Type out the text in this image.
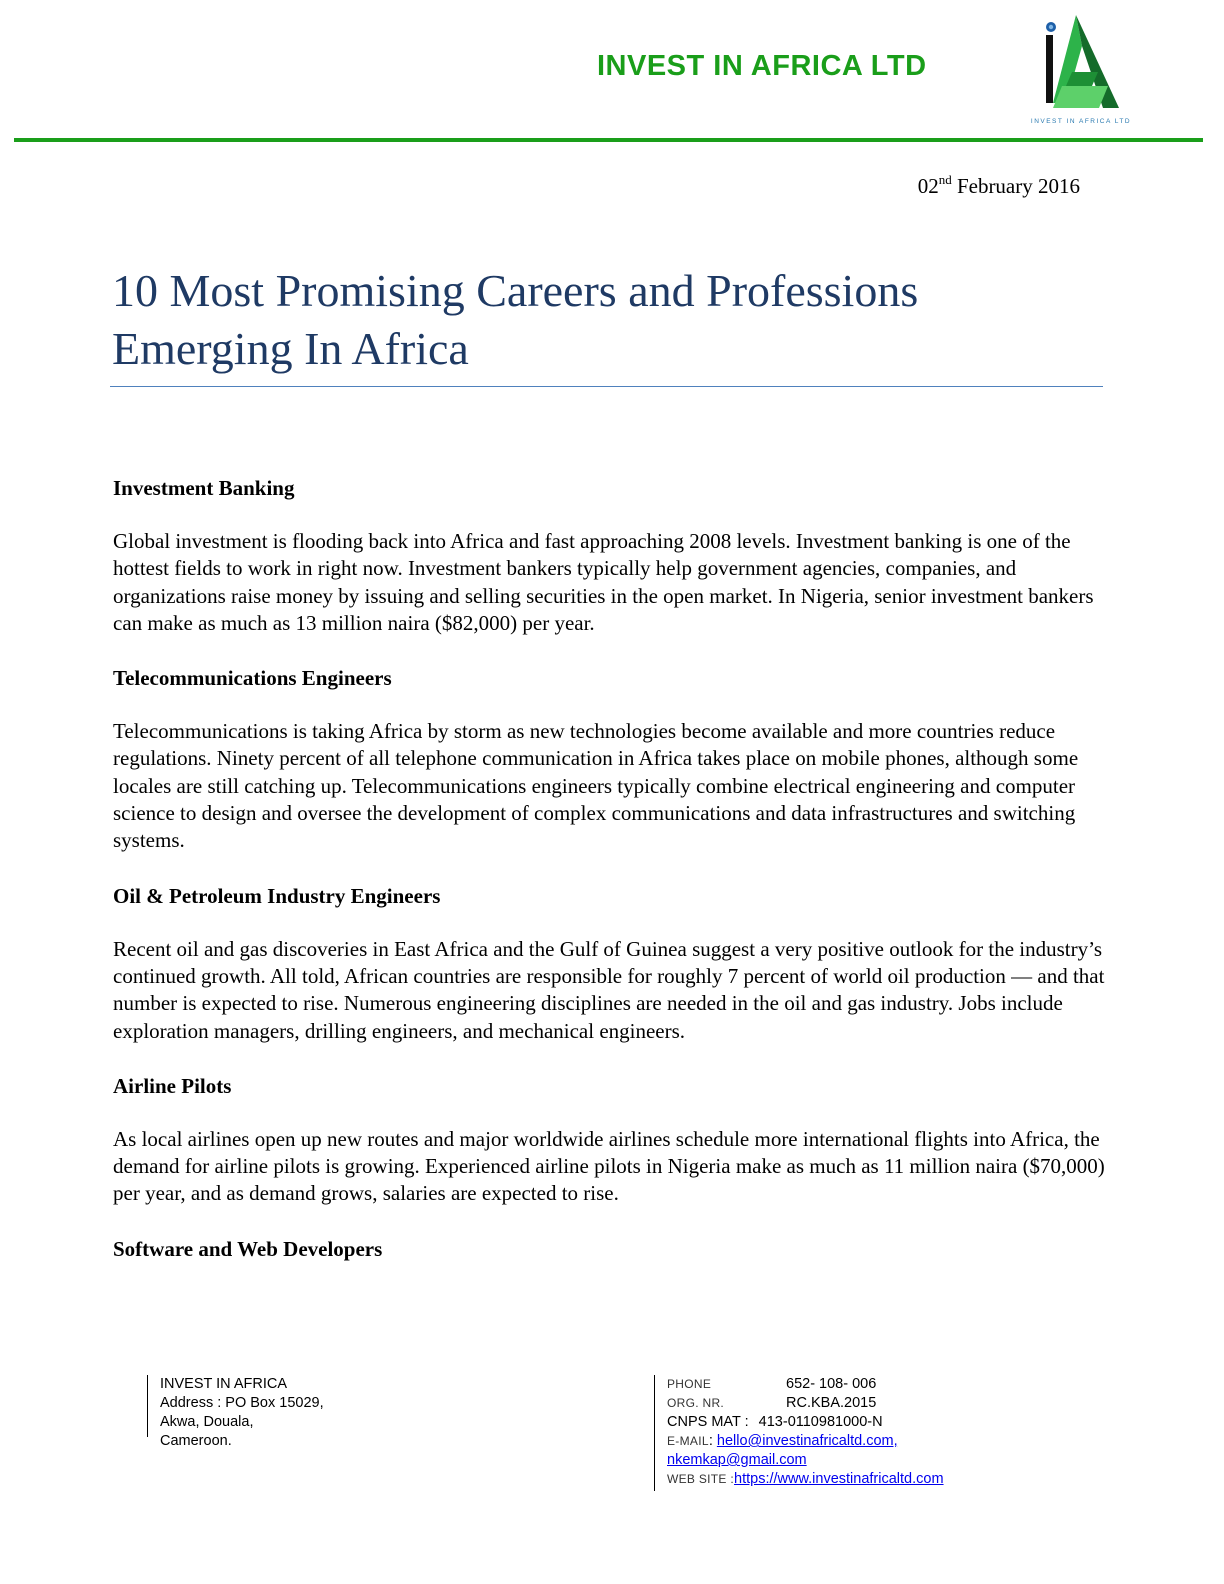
INVEST IN AFRICA LTD
INVEST IN AFRICA LTD
02nd February 2016
10 Most Promising Careers and Professions Emerging In Africa
Investment Banking

Global investment is flooding back into Africa and fast approaching 2008 levels. Investment banking is one of the hottest fields to work in right now. Investment bankers typically help government agencies, companies, and organizations raise money by issuing and selling securities in the open market. In Nigeria, senior investment bankers can make as much as 13 million naira ($82,000) per year.

Telecommunications Engineers

Telecommunications is taking Africa by storm as new technologies become available and more countries reduce regulations. Ninety percent of all telephone communication in Africa takes place on mobile phones, although some locales are still catching up. Telecommunications engineers typically combine electrical engineering and computer science to design and oversee the development of complex communications and data infrastructures and switching systems.

Oil & Petroleum Industry Engineers

Recent oil and gas discoveries in East Africa and the Gulf of Guinea suggest a very positive outlook for the industry’s continued growth. All told, African countries are responsible for roughly 7 percent of world oil production — and that number is expected to rise. Numerous engineering disciplines are needed in the oil and gas industry. Jobs include exploration managers, drilling engineers, and mechanical engineers.

Airline Pilots

As local airlines open up new routes and major worldwide airlines schedule more international flights into Africa, the demand for airline pilots is growing. Experienced airline pilots in Nigeria make as much as 11 million naira ($70,000) per year, and as demand grows, salaries are expected to rise.

Software and Web Developers
INVEST IN AFRICA
Address : PO Box 15029,
Akwa, Douala,
Cameroon.
PHONE	652- 108- 006
ORG. NR.	RC.KBA.2015
CNPS MAT : 413-0110981000-N
E-MAIL: hello@investinafricaltd.com,
nkemkap@gmail.com
WEB SITE :https://www.investinafricaltd.com
